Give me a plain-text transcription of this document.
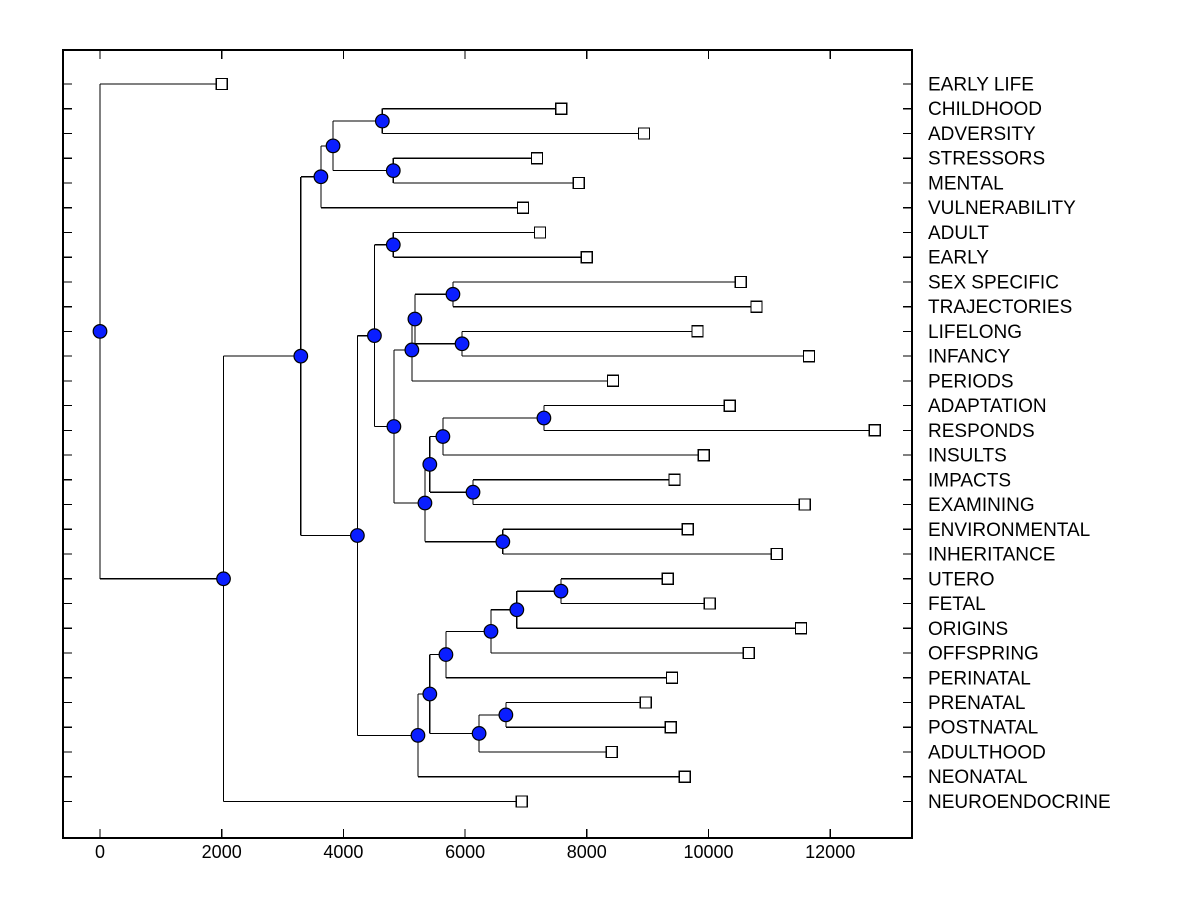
0	2000	4000	6000	8000	10000	12000
EARLY LIFE
CHILDHOOD
ADVERSITY
STRESSORS
MENTAL
VULNERABILITY
ADULT
EARLY
SEX SPECIFIC
TRAJECTORIES
LIFELONG
INFANCY
PERIODS
ADAPTATION
RESPONDS
INSULTS
IMPACTS
EXAMINING
ENVIRONMENTAL
INHERITANCE
UTERO
FETAL
ORIGINS
OFFSPRING
PERINATAL
PRENATAL
POSTNATAL
ADULTHOOD
NEONATAL
NEUROENDOCRINE
